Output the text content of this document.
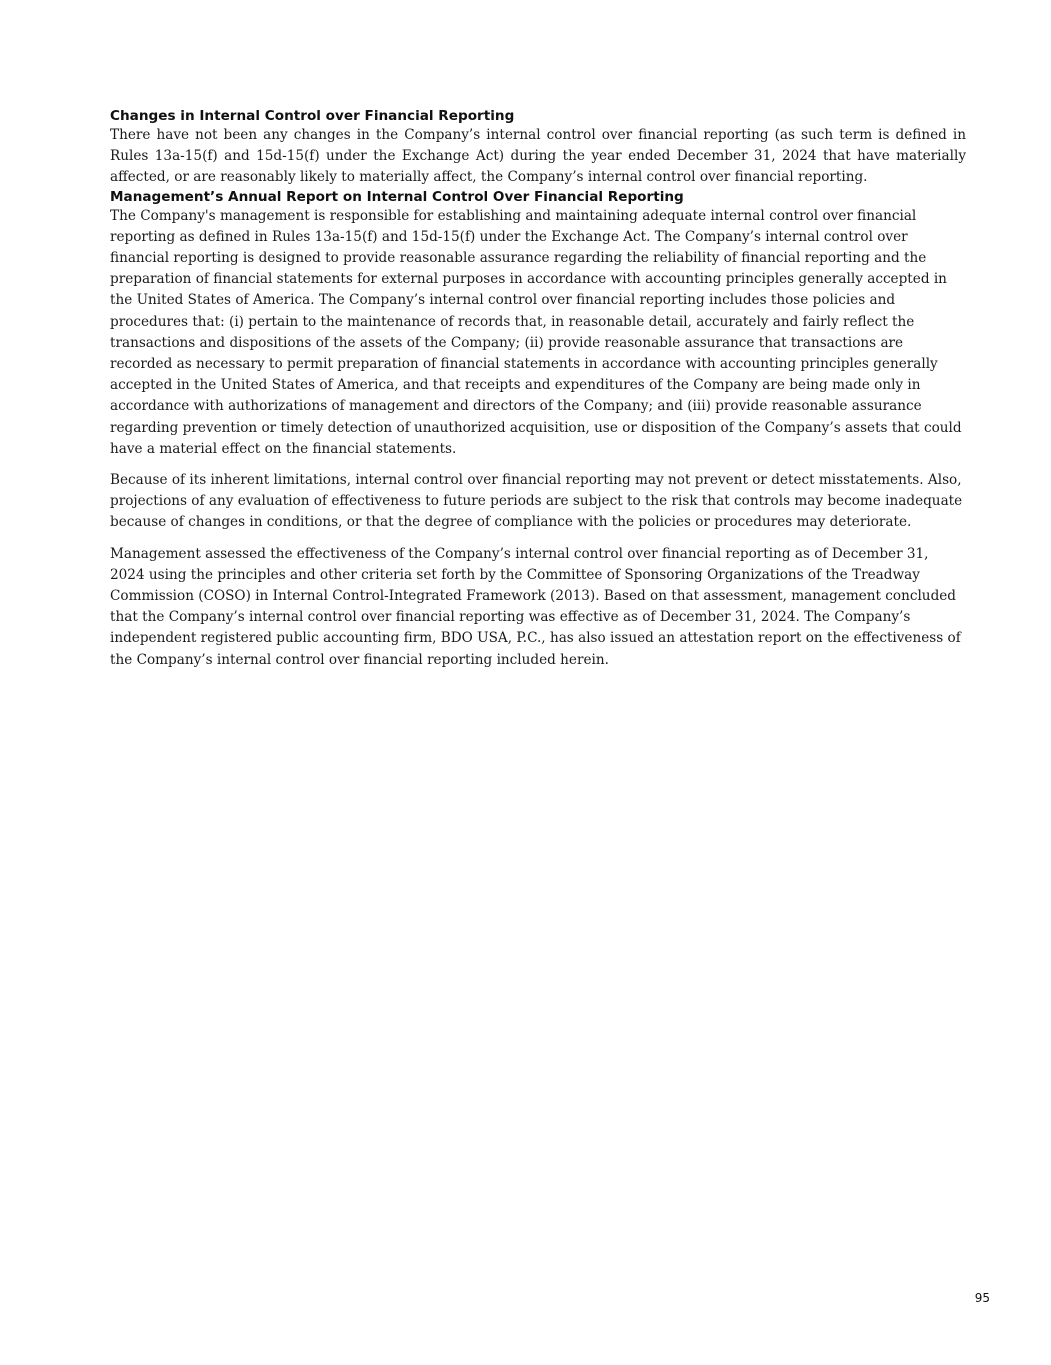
Changes in Internal Control over Financial Reporting

There have not been any changes in the Company’s internal control over financial reporting (as such term is defined in Rules 13a-15(f) and 15d-15(f) under the Exchange Act) during the year ended December 31, 2024 that have materially affected, or are reasonably likely to materially affect, the Company’s internal control over financial reporting.

Management’s Annual Report on Internal Control Over Financial Reporting

The Company's management is responsible for establishing and maintaining adequate internal control over financial reporting as defined in Rules 13a-15(f) and 15d-15(f) under the Exchange Act. The Company’s internal control over financial reporting is designed to provide reasonable assurance regarding the reliability of financial reporting and the preparation of financial statements for external purposes in accordance with accounting principles generally accepted in the United States of America. The Company’s internal control over financial reporting includes those policies and procedures that: (i) pertain to the maintenance of records that, in reasonable detail, accurately and fairly reflect the transactions and dispositions of the assets of the Company; (ii) provide reasonable assurance that transactions are recorded as necessary to permit preparation of financial statements in accordance with accounting principles generally accepted in the United States of America, and that receipts and expenditures of the Company are being made only in accordance with authorizations of management and directors of the Company; and (iii) provide reasonable assurance regarding prevention or timely detection of unauthorized acquisition, use or disposition of the Company’s assets that could have a material effect on the financial statements.

Because of its inherent limitations, internal control over financial reporting may not prevent or detect misstatements. Also, projections of any evaluation of effectiveness to future periods are subject to the risk that controls may become inadequate because of changes in conditions, or that the degree of compliance with the policies or procedures may deteriorate.

Management assessed the effectiveness of the Company’s internal control over financial reporting as of December 31, 2024 using the principles and other criteria set forth by the Committee of Sponsoring Organizations of the Treadway Commission (COSO) in Internal Control-Integrated Framework (2013). Based on that assessment, management concluded that the Company’s internal control over financial reporting was effective as of December 31, 2024. The Company’s independent registered public accounting firm, BDO USA, P.C., has also issued an attestation report on the effectiveness of the Company’s internal control over financial reporting included herein.

95
